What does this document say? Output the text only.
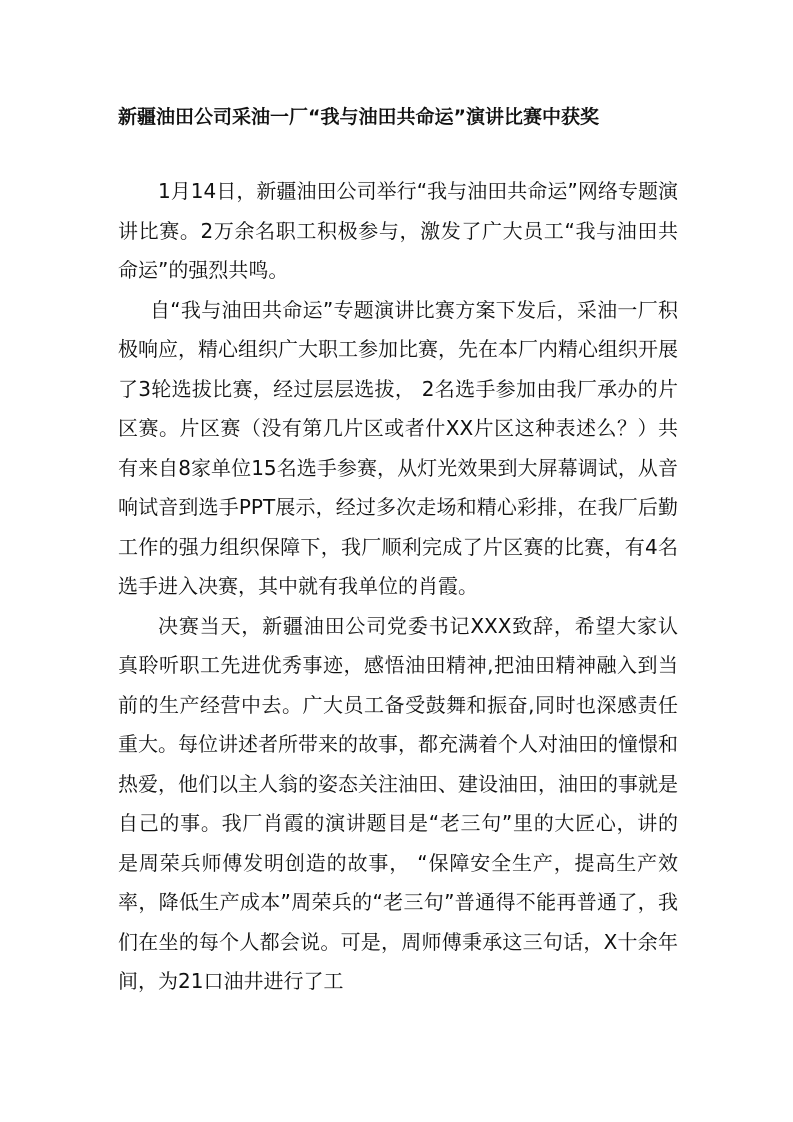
新疆油田公司采油一厂“我与油田共命运”演讲比赛中获奖

1月14日，新疆油田公司举行“我与油田共命运”网络专题演讲比赛。2万余名职工积极参与，激发了广大员工“我与油田共命运”的强烈共鸣。

自“我与油田共命运”专题演讲比赛方案下发后，采油一厂积极响应，精心组织广大职工参加比赛，先在本厂内精心组织开展了3轮选拔比赛，经过层层选拔， 2名选手参加由我厂承办的片区赛。片区赛（没有第几片区或者什XX片区这种表述么？）共有来自8家单位15名选手参赛，从灯光效果到大屏幕调试，从音响试音到选手PPT展示，经过多次走场和精心彩排，在我厂后勤工作的强力组织保障下，我厂顺利完成了片区赛的比赛，有4名选手进入决赛，其中就有我单位的肖霞。

决赛当天，新疆油田公司党委书记XXX致辞，希望大家认真聆听职工先进优秀事迹，感悟油田精神,把油田精神融入到当前的生产经营中去。广大员工备受鼓舞和振奋,同时也深感责任重大。每位讲述者所带来的故事，都充满着个人对油田的憧憬和热爱，他们以主人翁的姿态关注油田、建设油田，油田的事就是自己的事。我厂肖霞的演讲题目是“老三句”里的大匠心，讲的是周荣兵师傅发明创造的故事， “保障安全生产，提高生产效率，降低生产成本”周荣兵的“老三句”普通得不能再普通了，我们在坐的每个人都会说。可是，周师傅秉承这三句话，X十余年间，为21口油井进行了工
